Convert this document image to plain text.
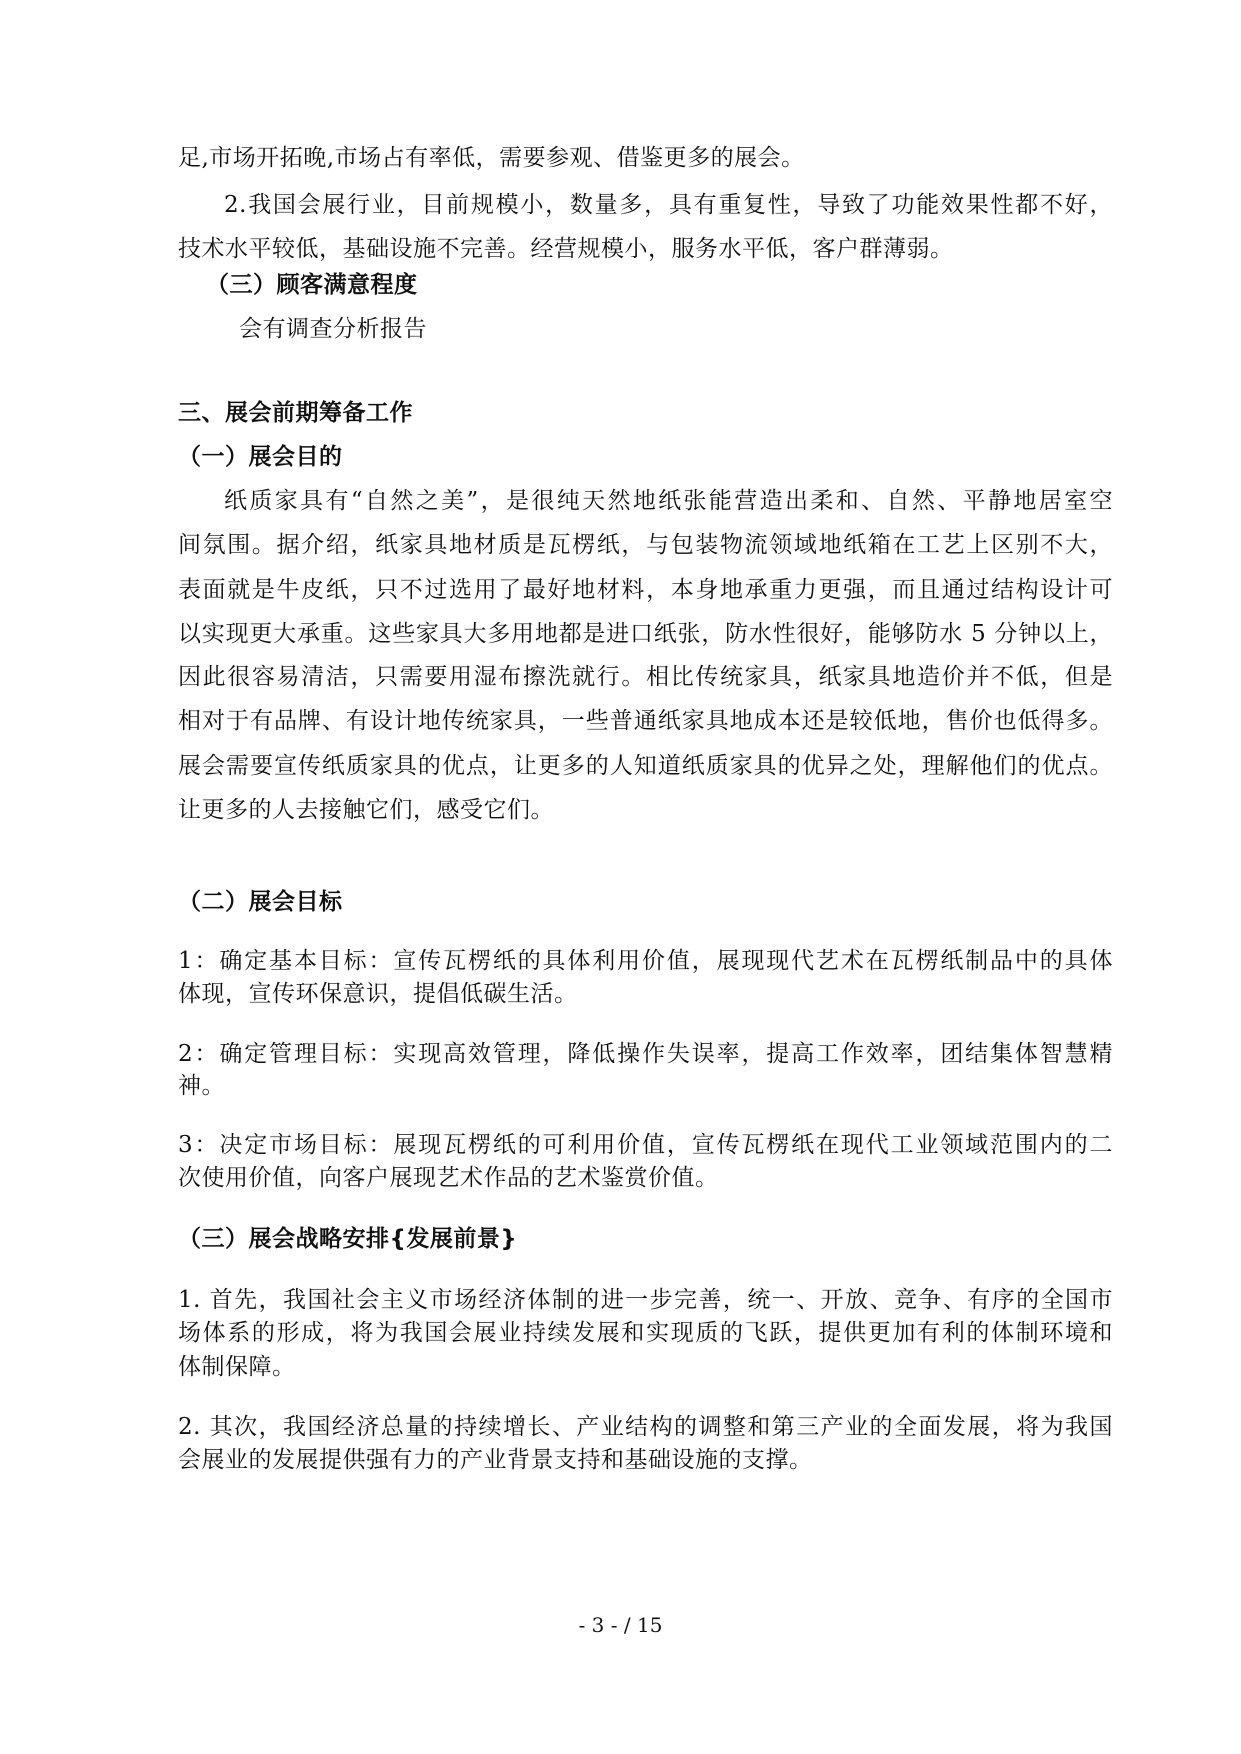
足,市场开拓晚,市场占有率低，需要参观、借鉴更多的展会。
2.我国会展行业，目前规模小，数量多，具有重复性，导致了功能效果性都不好，
技术水平较低，基础设施不完善。经营规模小，服务水平低，客户群薄弱。
（三）顾客满意程度
会有调查分析报告
三、展会前期筹备工作
（一）展会目的
纸质家具有“自然之美”，是很纯天然地纸张能营造出柔和、自然、平静地居室空
间氛围。据介绍，纸家具地材质是瓦楞纸，与包装物流领域地纸箱在工艺上区别不大，
表面就是牛皮纸，只不过选用了最好地材料，本身地承重力更强，而且通过结构设计可
以实现更大承重。这些家具大多用地都是进口纸张，防水性很好，能够防水 5 分钟以上，
因此很容易清洁，只需要用湿布擦洗就行。相比传统家具，纸家具地造价并不低，但是
相对于有品牌、有设计地传统家具，一些普通纸家具地成本还是较低地，售价也低得多。
展会需要宣传纸质家具的优点，让更多的人知道纸质家具的优异之处，理解他们的优点。
让更多的人去接触它们，感受它们。
（二）展会目标
1：确定基本目标：宣传瓦楞纸的具体利用价值，展现现代艺术在瓦楞纸制品中的具体
体现，宣传环保意识，提倡低碳生活。
2：确定管理目标：实现高效管理，降低操作失误率，提高工作效率，团结集体智慧精
神。
3：决定市场目标：展现瓦楞纸的可利用价值，宣传瓦楞纸在现代工业领域范围内的二
次使用价值，向客户展现艺术作品的艺术鉴赏价值。
（三）展会战略安排{发展前景}
1. 首先，我国社会主义市场经济体制的进一步完善，统一、开放、竞争、有序的全国市
场体系的形成，将为我国会展业持续发展和实现质的飞跃，提供更加有利的体制环境和
体制保障。
2. 其次，我国经济总量的持续增长、产业结构的调整和第三产业的全面发展，将为我国
会展业的发展提供强有力的产业背景支持和基础设施的支撑。
- 3 - / 15
